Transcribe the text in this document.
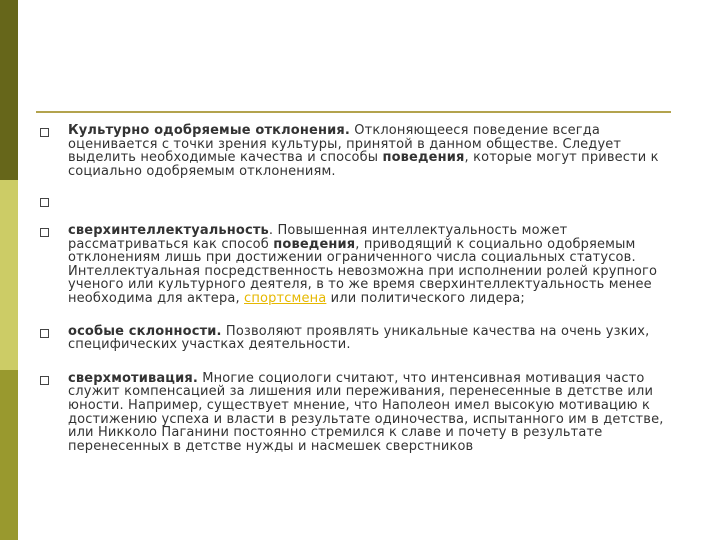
Культурно одобряемые отклонения. Отклоняющееся поведение всегда оценивается с точки зрения культуры, принятой в данном обществе. Следует выделить необходимые качества и способы поведения, которые могут привести к социально одобряемым отклонениям.

сверхинтеллектуальность. Повышенная интеллектуальность может рассматриваться как способ поведения, приводящий к социально одобряемым отклонениям лишь при достижении ограниченного числа социальных статусов. Интеллектуальная посредственность невозможна при исполнении ролей крупного ученого или культурного деятеля, в то же время сверхинтеллектуальность менее необходима для актера, спортсмена или политического лидера;
особые склонности. Позволяют проявлять уникальные качества на очень узких, специфических участках деятельности.
сверхмотивация. Многие социологи считают, что интенсивная мотивация часто служит компенсацией за лишения или переживания, перенесенные в детстве или юности. Например, существует мнение, что Наполеон имел высокую мотивацию к достижению успеха и власти в результате одиночества, испытанного им в детстве, или Никколо Паганини постоянно стремился к славе и почету в результате перенесенных в детстве нужды и насмешек сверстников
